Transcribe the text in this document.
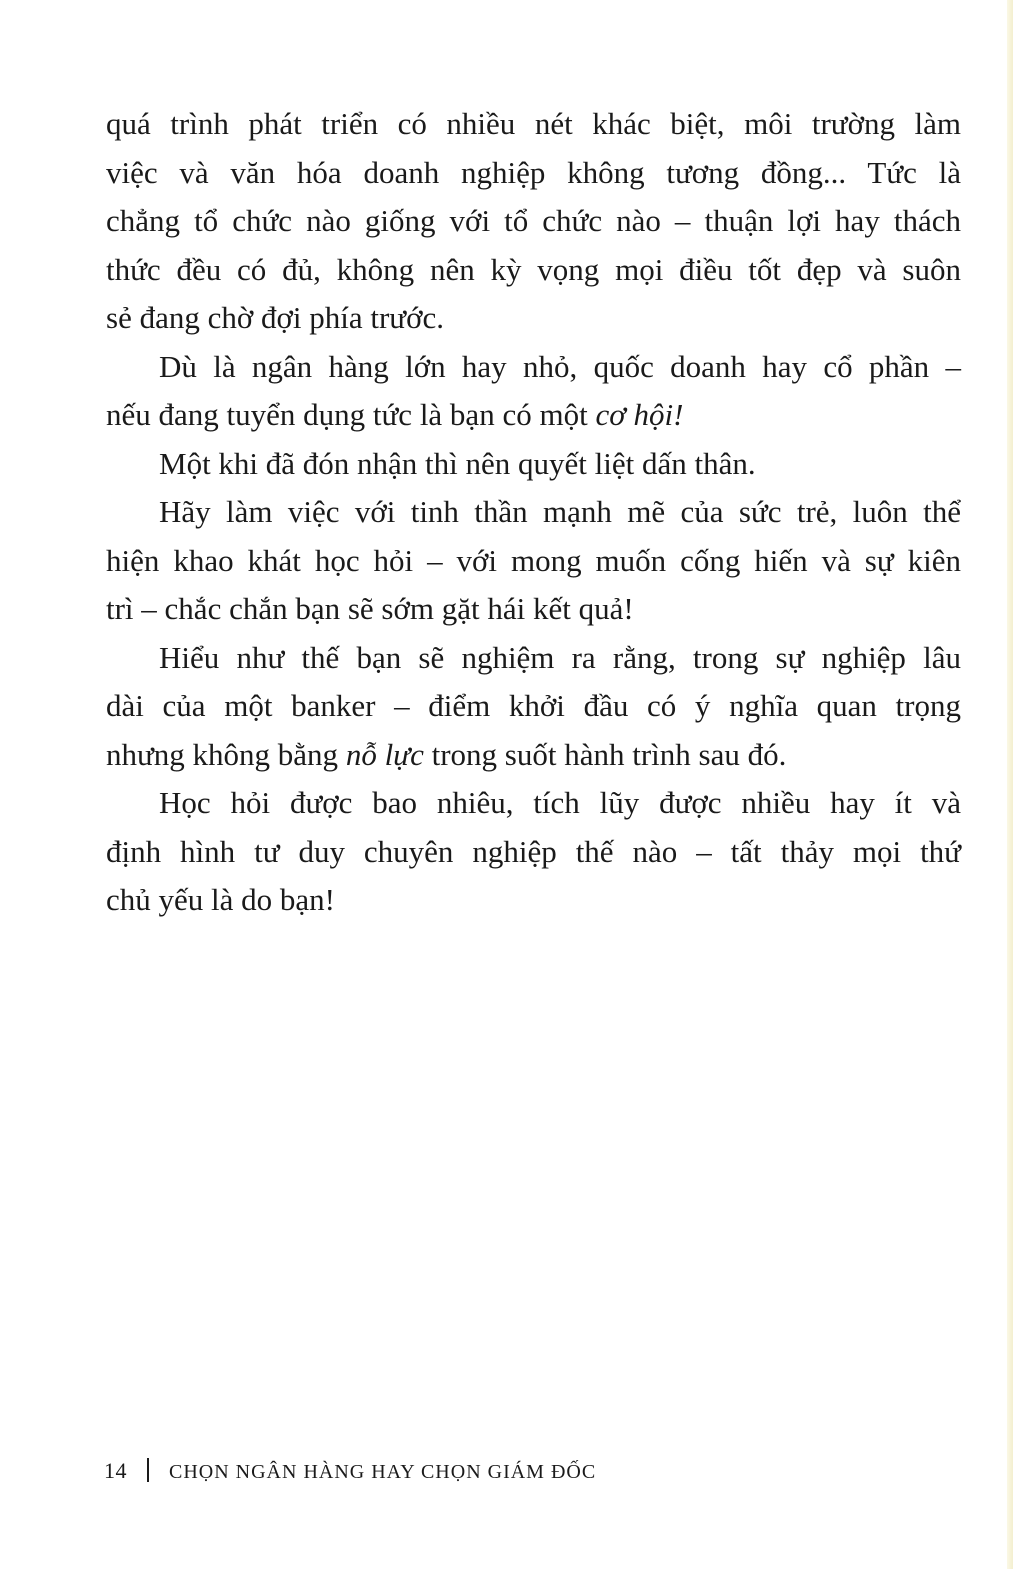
quá trình phát triển có nhiều nét khác biệt, môi trường làm
việc và văn hóa doanh nghiệp không tương đồng... Tức là
chẳng tổ chức nào giống với tổ chức nào – thuận lợi hay thách
thức đều có đủ, không nên kỳ vọng mọi điều tốt đẹp và suôn
sẻ đang chờ đợi phía trước.
Dù là ngân hàng lớn hay nhỏ, quốc doanh hay cổ phần –
nếu đang tuyển dụng tức là bạn có một cơ hội!
Một khi đã đón nhận thì nên quyết liệt dấn thân.
Hãy làm việc với tinh thần mạnh mẽ của sức trẻ, luôn thể
hiện khao khát học hỏi – với mong muốn cống hiến và sự kiên
trì – chắc chắn bạn sẽ sớm gặt hái kết quả!
Hiểu như thế bạn sẽ nghiệm ra rằng, trong sự nghiệp lâu
dài của một banker – điểm khởi đầu có ý nghĩa quan trọng
nhưng không bằng nỗ lực trong suốt hành trình sau đó.
Học hỏi được bao nhiêu, tích lũy được nhiều hay ít và
định hình tư duy chuyên nghiệp thế nào – tất thảy mọi thứ
chủ yếu là do bạn!
14 CHỌN NGÂN HÀNG HAY CHỌN GIÁM ĐỐC
